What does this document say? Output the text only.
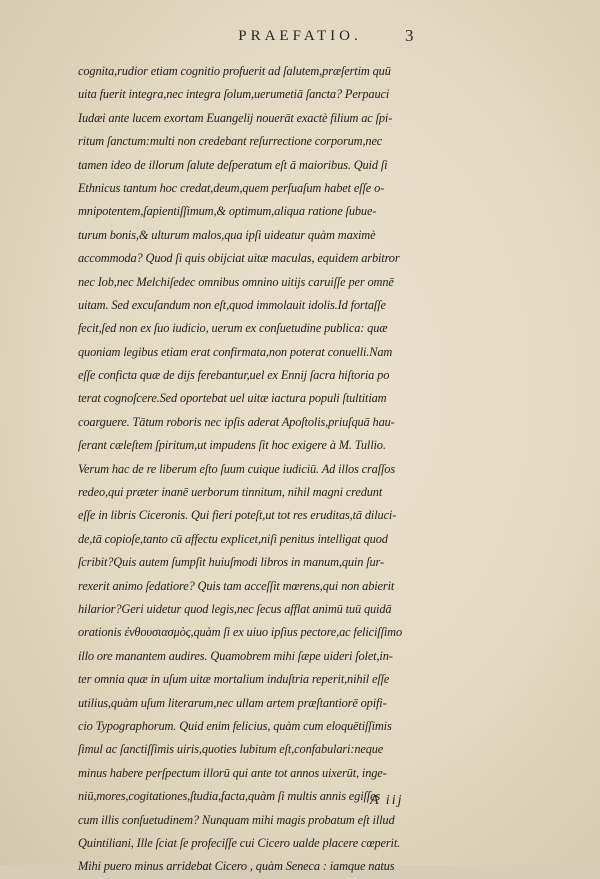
PRAEFATIO.	3
cognita,rudior etiam cognitio profuerit ad ſalutem,præſertim quū
uita fuerit integra,nec integra ſolum,uerumetiā ſanctа? Perpauci
Iudæi ante lucem exortam Euangelij nouerāt exactè filium ac ſpi-
ritum ſanctum:multi non credebant reſurrectione corporum,nec
tamen ideo de illorum ſalute deſperatum eſt ā maioribus. Quid ſi
Ethnicus tantum hoc credat,deum,quem perſuaſum habet eſſe o-
mnipotentem,ſapientiſſimum,& optimum,aliqua ratione ſubue-
turum bonis,& ulturum malos,qua ipſi uideatur quàm maximè
accommoda? Quod ſi quis obijciat uitæ maculas, equidem arbitror
nec Iob,nec Melchiſedec omnibus omnino uitijs caruiſſe per omnē
uitam. Sed excuſandum non eſt,quod immolauit idolis.Id fortaſſe
fecit,ſed non ex ſuo iudicio, uerum ex conſuetudine publica: quæ
quoniam legibus etiam erat confirmata,non poterat conuelli.Nam
eſſe conficta quæ de dijs ferebantur,uel ex Ennij ſacra hiſtoria po
terat cognoſcere.Sed oportebat uel uitæ iactura populi ſtultitiam
coarguere. Tātum roboris nec ipſis aderat Apoſtolis,priuſquā hau-
ſerant cæleſtem ſpiritum,ut impudens ſit hoc exigere à M. Tullio.
Verum hac de re liberum eſto ſuum cuique iudiciū. Ad illos craſſos
redeo,qui præter inanē uerborum tinnitum, nihil magni credunt
eſſe in libris Ciceronis. Qui fieri poteſt,ut tot res eruditas,tā diluci-
de,tā copioſe,tanto cū affectu explicet,niſi penitus intelligat quod
ſcribit?Quis autem ſumpſit huiuſmodi libros in manum,quin ſur-
rexerit animo ſedatiore? Quis tam acceſſit mœrens,qui non abierit
hilarior?Geri uidetur quod legis,nec ſecus afflat animū tuū quidā
orationis ἐνθουσιασμὸς,quàm ſi ex uiuo ipſius pectore,ac feliciſſimo
illo ore manantem audires. Quamobrem mihi ſæpe uideri ſolet,in-
ter omnia quæ in uſum uitæ mortalium induſtria reperit,nihil eſſe
utilius,quàm uſum literarum,nec ullam artem præſtantiorē opifi-
cio Typographorum. Quid enim felicius, quàm cum eloquētiſſimis
ſimul ac ſanctiſſimis uiris,quoties lubitum eſt,confabulari:neque
minus habere perſpectum illorū qui ante tot annos uixerūt, inge-
niū,mores,cogitationes,ſtudia,facta,quàm ſi multis annis egiſſes
cum illis conſuetudinem? Nunquam mihi magis probatum eſt illud
Quintiliani, Ille ſciat ſe profeciſſe cui Cicero ualde placere cœperit.
Mihi puero minus arridebat Cicero , quàm Seneca : iamque natus
A iij
